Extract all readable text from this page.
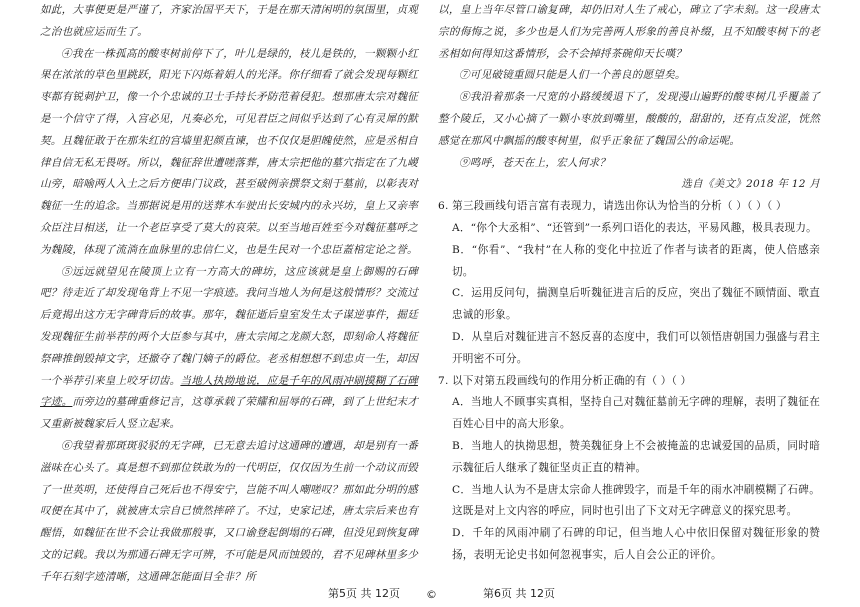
如此，大事便更是严谨了，齐家治国平天下，于是在那天清闲明的氛围里，贞观之治也就应运而生了。

④我在一株孤高的酸枣树前停下了，叶儿是绿的，枝儿是铁的，一颗颗小红果在浓浓的草色里跳跃，阳光下闪烁着娟人的光泽。你仔细看了就会发现每颗红枣都有锐刺护卫，像一个个忠诚的卫士手持长矛防范着侵犯。想那唐太宗对魏征是一个信守了得，入宫必见，凡奏必允，可见君臣之间似乎达到了心有灵犀的默契。且魏征敢于在那朱红的宫墙里犯颜直谏，也不仅仅是胆魄使然，应是丞相自律自信无私无畏呀。所以，魏征辞世遭嗟落葬，唐太宗把他的墓穴指定在了九嵕山旁，暗喻两人入土之后方便串门议政，甚至破例亲撰祭文刻于墓前，以彰表对魏征一生的追念。当那据说是用的送葬木车驶出长安城内的永兴坊，皇上又亲率众臣注目相送，让一个老臣享受了莫大的哀荣。以至当地百姓至今对魏征墓呼之为魏陵，体现了流淌在血脉里的忠信仁义，也是生民对一个忠臣蓋棺定论之誉。

⑤远远就望见在陵顶上立有一方高大的碑坊，这应该就是皇上御赐的石碑吧？待走近了却发现龟背上不见一字痕迹。我问当地人为何是这般情形？交流过后竟揭出这方无字碑背后的故事。那年，魏征逝后皇室发生太子谋逆事件，掘廷发现魏征生前举荐的两个大臣参与其中，唐太宗闻之龙颜大怒，即刻命人将魏征祭碑推倒毁掉文字，还撤夺了魏门嫡子的爵位。老丞相想想不到忠贞一生，却因一个举荐引来皇上咬牙切齿。当地人执拗地说，应是千年的风雨冲刷摸糊了石碑字迹。而旁边的墓碑重修记言，这尊承载了荣耀和屈辱的石碑，到了上世纪末才又重新被魏家后人竖立起来。

⑥我望着那斑斑驳驳的无字碑，已无意去追讨这通碑的遭遇，却是别有一番滋味在心头了。真是想不到那位铁敢为的一代明臣，仅仅因为生前一个动议而毁了一世英明，还使得自己死后也不得安宁，岂能不叫人嘲嗟叹？那如此分明的感叹便在其中了，就被唐太宗自已愤然摔碎了。不过，史家记述，唐太宗后来也有醒悟，如魏征在世不会让我做那般事，又口谕登起倒塌的石碑，但没见到恢复碑文的记载。我以为那通石碑无字可辨，不可能是风而蚀毁的，君不见碑林里多少千年石刻字迹清晰，这通碑怎能面目全非？所

第5页 共 12页 ©

以，皇上当年尽管口谕复碑，却仍旧对人生了戒心，碑立了字未刻。这一段唐太宗的侮悔之说，多少也是人们为完善两人形象的善良补缀，且不知酸枣树下的老丞相如何得知这番情形，会不会掉捋茶碗仰天长嘆？

⑦可见破镜重圆只能是人们一个善良的愿望矣。

⑧我沿着那条一尺宽的小路缓缓退下了，发现漫山遍野的酸枣树几乎覆盖了整个陵丘，又小心摘了一颗小枣放到嘴里，酸酸的，甜甜的，还有点发涩，恍然感觉在那风中飘摇的酸枣树里，似乎正象征了魏国公的命运呢。

⑨鸣呼，苍天在上，宏人何求？

选自《美文》2018 年 12 月

6. 第三段画线句语言富有表现力，请选出你认为恰当的分析（ ）（ ）（ ）

A．“你个大丞相”、“还管到”一系列口语化的表达，平易风趣，极具表现力。

B．“你看”、“我村”在人称的变化中拉近了作者与读者的距离，使人倍感亲切。

C．运用反问句，揣测皇后听魏征进言后的反应，突出了魏征不顾情面、歌直忠诚的形象。

D．从皇后对魏征进言不怒反喜的态度中，我们可以领悟唐朝国力强盛与君主开明密不可分。

7. 以下对第五段画线句的作用分析正确的有（ ）（ ）

A．当地人不顾事实真相，坚持自己对魏征墓前无字碑的理解，表明了魏征在百姓心目中的高大形象。

B．当地人的执拗思想，赞美魏征身上不会被掩盖的忠诚爱国的品质，同时暗示魏征后人继承了魏征坚贞正直的精神。

C．当地人认为不是唐太宗命人推碑毁字，而是千年的雨水冲刷模糊了石碑。这既是对上文内容的呼应，同时也引出了下文对无字碑意义的探究思考。

D．千年的风雨冲刷了石碑的印记，但当地人心中依旧保留对魏征形象的赞扬，表明无论史书如何忽视事实，后人自会公正的评价。

第6页 共 12页
